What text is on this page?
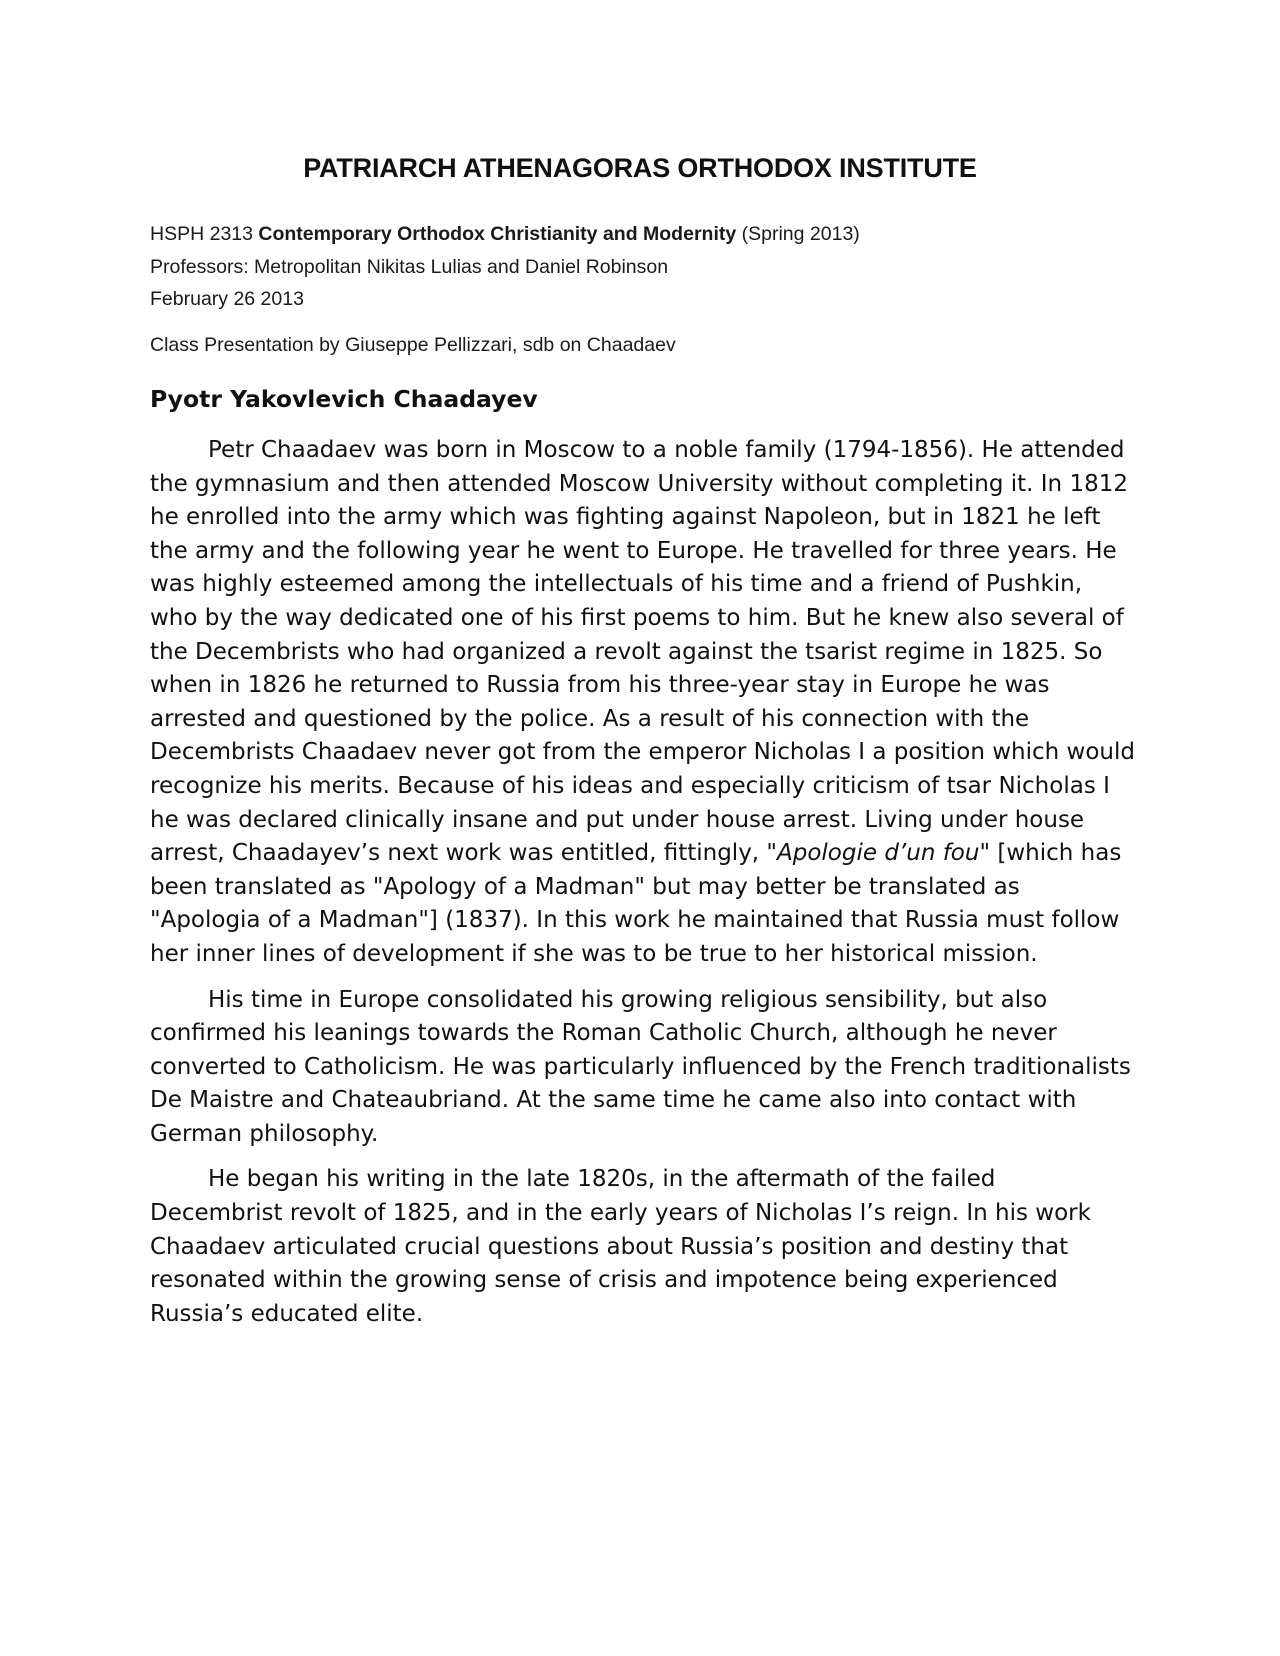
PATRIARCH ATHENAGORAS ORTHODOX INSTITUTE
HSPH 2313 Contemporary Orthodox Christianity and Modernity (Spring 2013)
Professors: Metropolitan Nikitas Lulias and Daniel Robinson
February 26 2013
Class Presentation by Giuseppe Pellizzari, sdb on Chaadaev
Pyotr Yakovlevich Chaadayev

Petr Chaadaev was born in Moscow to a noble family (1794-1856). He attended the gymnasium and then attended Moscow University without completing it. In 1812 he enrolled into the army which was fighting against Napoleon, but in 1821 he left the army and the following year he went to Europe. He travelled for three years. He was highly esteemed among the intellectuals of his time and a friend of Pushkin, who by the way dedicated one of his first poems to him. But he knew also several of the Decembrists who had organized a revolt against the tsarist regime in 1825. So when in 1826 he returned to Russia from his three-year stay in Europe he was arrested and questioned by the police. As a result of his connection with the Decembrists Chaadaev never got from the emperor Nicholas I a position which would recognize his merits. Because of his ideas and especially criticism of tsar Nicholas I he was declared clinically insane and put under house arrest. Living under house arrest, Chaadayev’s next work was entitled, fittingly, "Apologie d’un fou" [which has been translated as "Apology of a Madman" but may better be translated as "Apologia of a Madman"] (1837). In this work he maintained that Russia must follow her inner lines of development if she was to be true to her historical mission.

His time in Europe consolidated his growing religious sensibility, but also confirmed his leanings towards the Roman Catholic Church, although he never converted to Catholicism. He was particularly influenced by the French traditionalists De Maistre and Chateaubriand. At the same time he came also into contact with German philosophy.

He began his writing in the late 1820s, in the aftermath of the failed Decembrist revolt of 1825, and in the early years of Nicholas I’s reign. In his work Chaadaev articulated crucial questions about Russia’s position and destiny that resonated within the growing sense of crisis and impotence being experienced Russia’s educated elite.
